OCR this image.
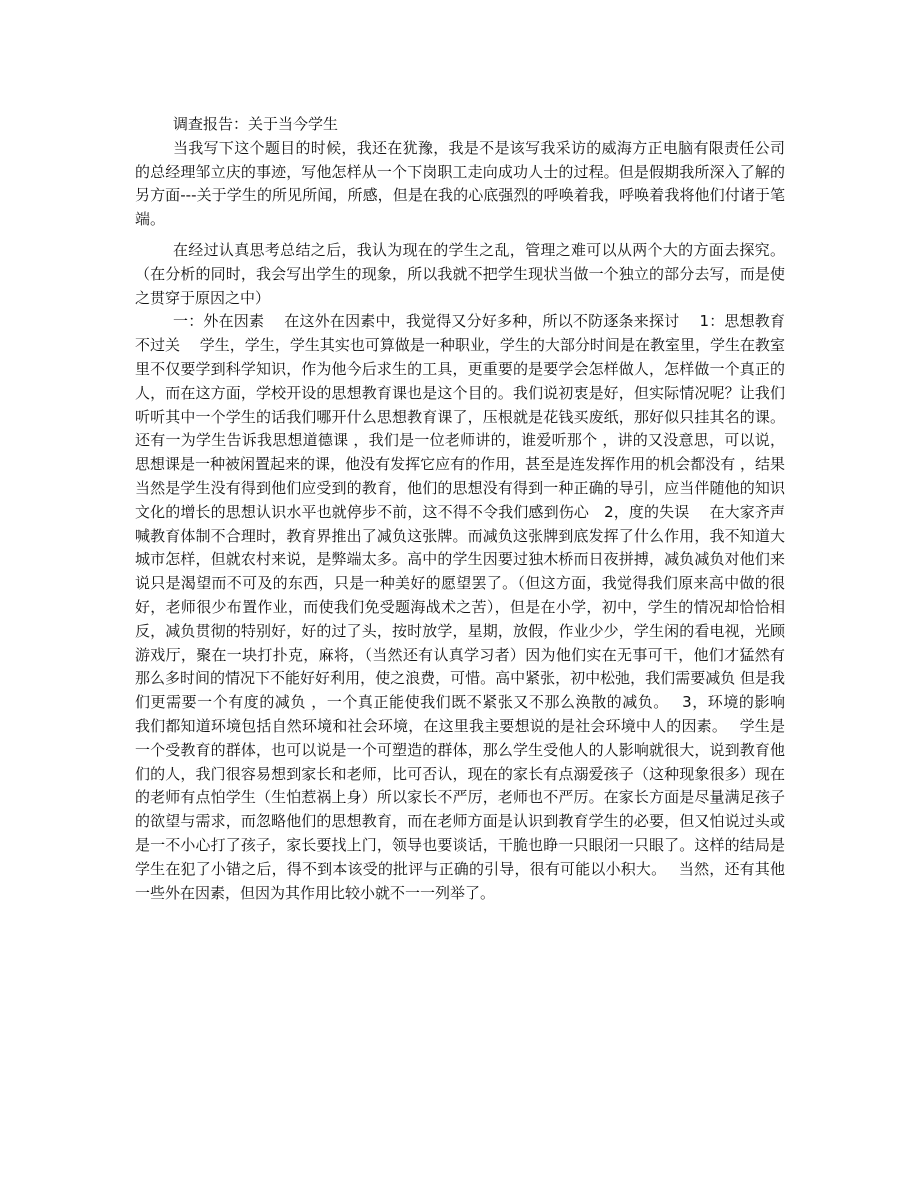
调查报告：关于当今学生

当我写下这个题目的时候，我还在犹豫，我是不是该写我采访的威海方正电脑有限责任公司的总经理邹立庆的事迹，写他怎样从一个下岗职工走向成功人士的过程。但是假期我所深入了解的另方面---关于学生的所见所闻，所感，但是在我的心底强烈的呼唤着我，呼唤着我将他们付诸于笔端。

在经过认真思考总结之后，我认为现在的学生之乱，管理之难可以从两个大的方面去探究。（在分析的同时，我会写出学生的现象，所以我就不把学生现状当做一个独立的部分去写，而是使之贯穿于原因之中）

一：外在因素　 在这外在因素中，我觉得又分好多种，所以不防逐条来探讨　 1：思想教育不过关　 学生，学生，学生其实也可算做是一种职业，学生的大部分时间是在教室里，学生在教室里不仅要学到科学知识，作为他今后求生的工具，更重要的是要学会怎样做人，怎样做一个真正的人，而在这方面，学校开设的思想教育课也是这个目的。我们说初衷是好，但实际情况呢？让我们听听其中一个学生的话我们哪开什么思想教育课了，压根就是花钱买废纸，那好似只挂其名的课。还有一为学生告诉我思想道德课 ，我们是一位老师讲的，谁爱听那个 ，讲的又没意思，可以说，思想课是一种被闲置起来的课，他没有发挥它应有的作用，甚至是连发挥作用的机会都没有 ，结果当然是学生没有得到他们应受到的教育，他们的思想没有得到一种正确的导引，应当伴随他的知识文化的增长的思想认识水平也就停步不前，这不得不令我们感到伤心　2，度的失误　 在大家齐声喊教育体制不合理时，教育界推出了减负这张牌。而减负这张牌到底发挥了什么作用，我不知道大城市怎样，但就农村来说，是弊端太多。高中的学生因要过独木桥而日夜拼搏，减负减负对他们来说只是渴望而不可及的东西，只是一种美好的愿望罢了。（但这方面，我觉得我们原来高中做的很好，老师很少布置作业，而使我们免受题海战术之苦），但是在小学，初中，学生的情况却恰恰相反，减负贯彻的特别好，好的过了头，按时放学，星期，放假，作业少少，学生闲的看电视，光顾游戏厅，聚在一块打扑克，麻将，（当然还有认真学习者）因为他们实在无事可干，他们才猛然有那么多时间的情况下不能好好利用，使之浪费，可惜。高中紧张，初中松弛，我们需要减负 但是我们更需要一个有度的减负 ，一个真正能使我们既不紧张又不那么涣散的减负。　 3，环境的影响　 我们都知道环境包括自然环境和社会环境，在这里我主要想说的是社会环境中人的因素。　 学生是一个受教育的群体，也可以说是一个可塑造的群体，那么学生受他人的人影响就很大，说到教育他们的人，我门很容易想到家长和老师，比可否认，现在的家长有点溺爱孩子（这种现象很多）现在的老师有点怕学生（生怕惹祸上身）所以家长不严厉，老师也不严厉。在家长方面是尽量满足孩子的欲望与需求，而忽略他们的思想教育，而在老师方面是认识到教育学生的必要，但又怕说过头或是一不小心打了孩子，家长要找上门，领导也要谈话，干脆也睁一只眼闭一只眼了。这样的结局是学生在犯了小错之后，得不到本该受的批评与正确的引导，很有可能以小积大。　 当然，还有其他一些外在因素，但因为其作用比较小就不一一列举了。
